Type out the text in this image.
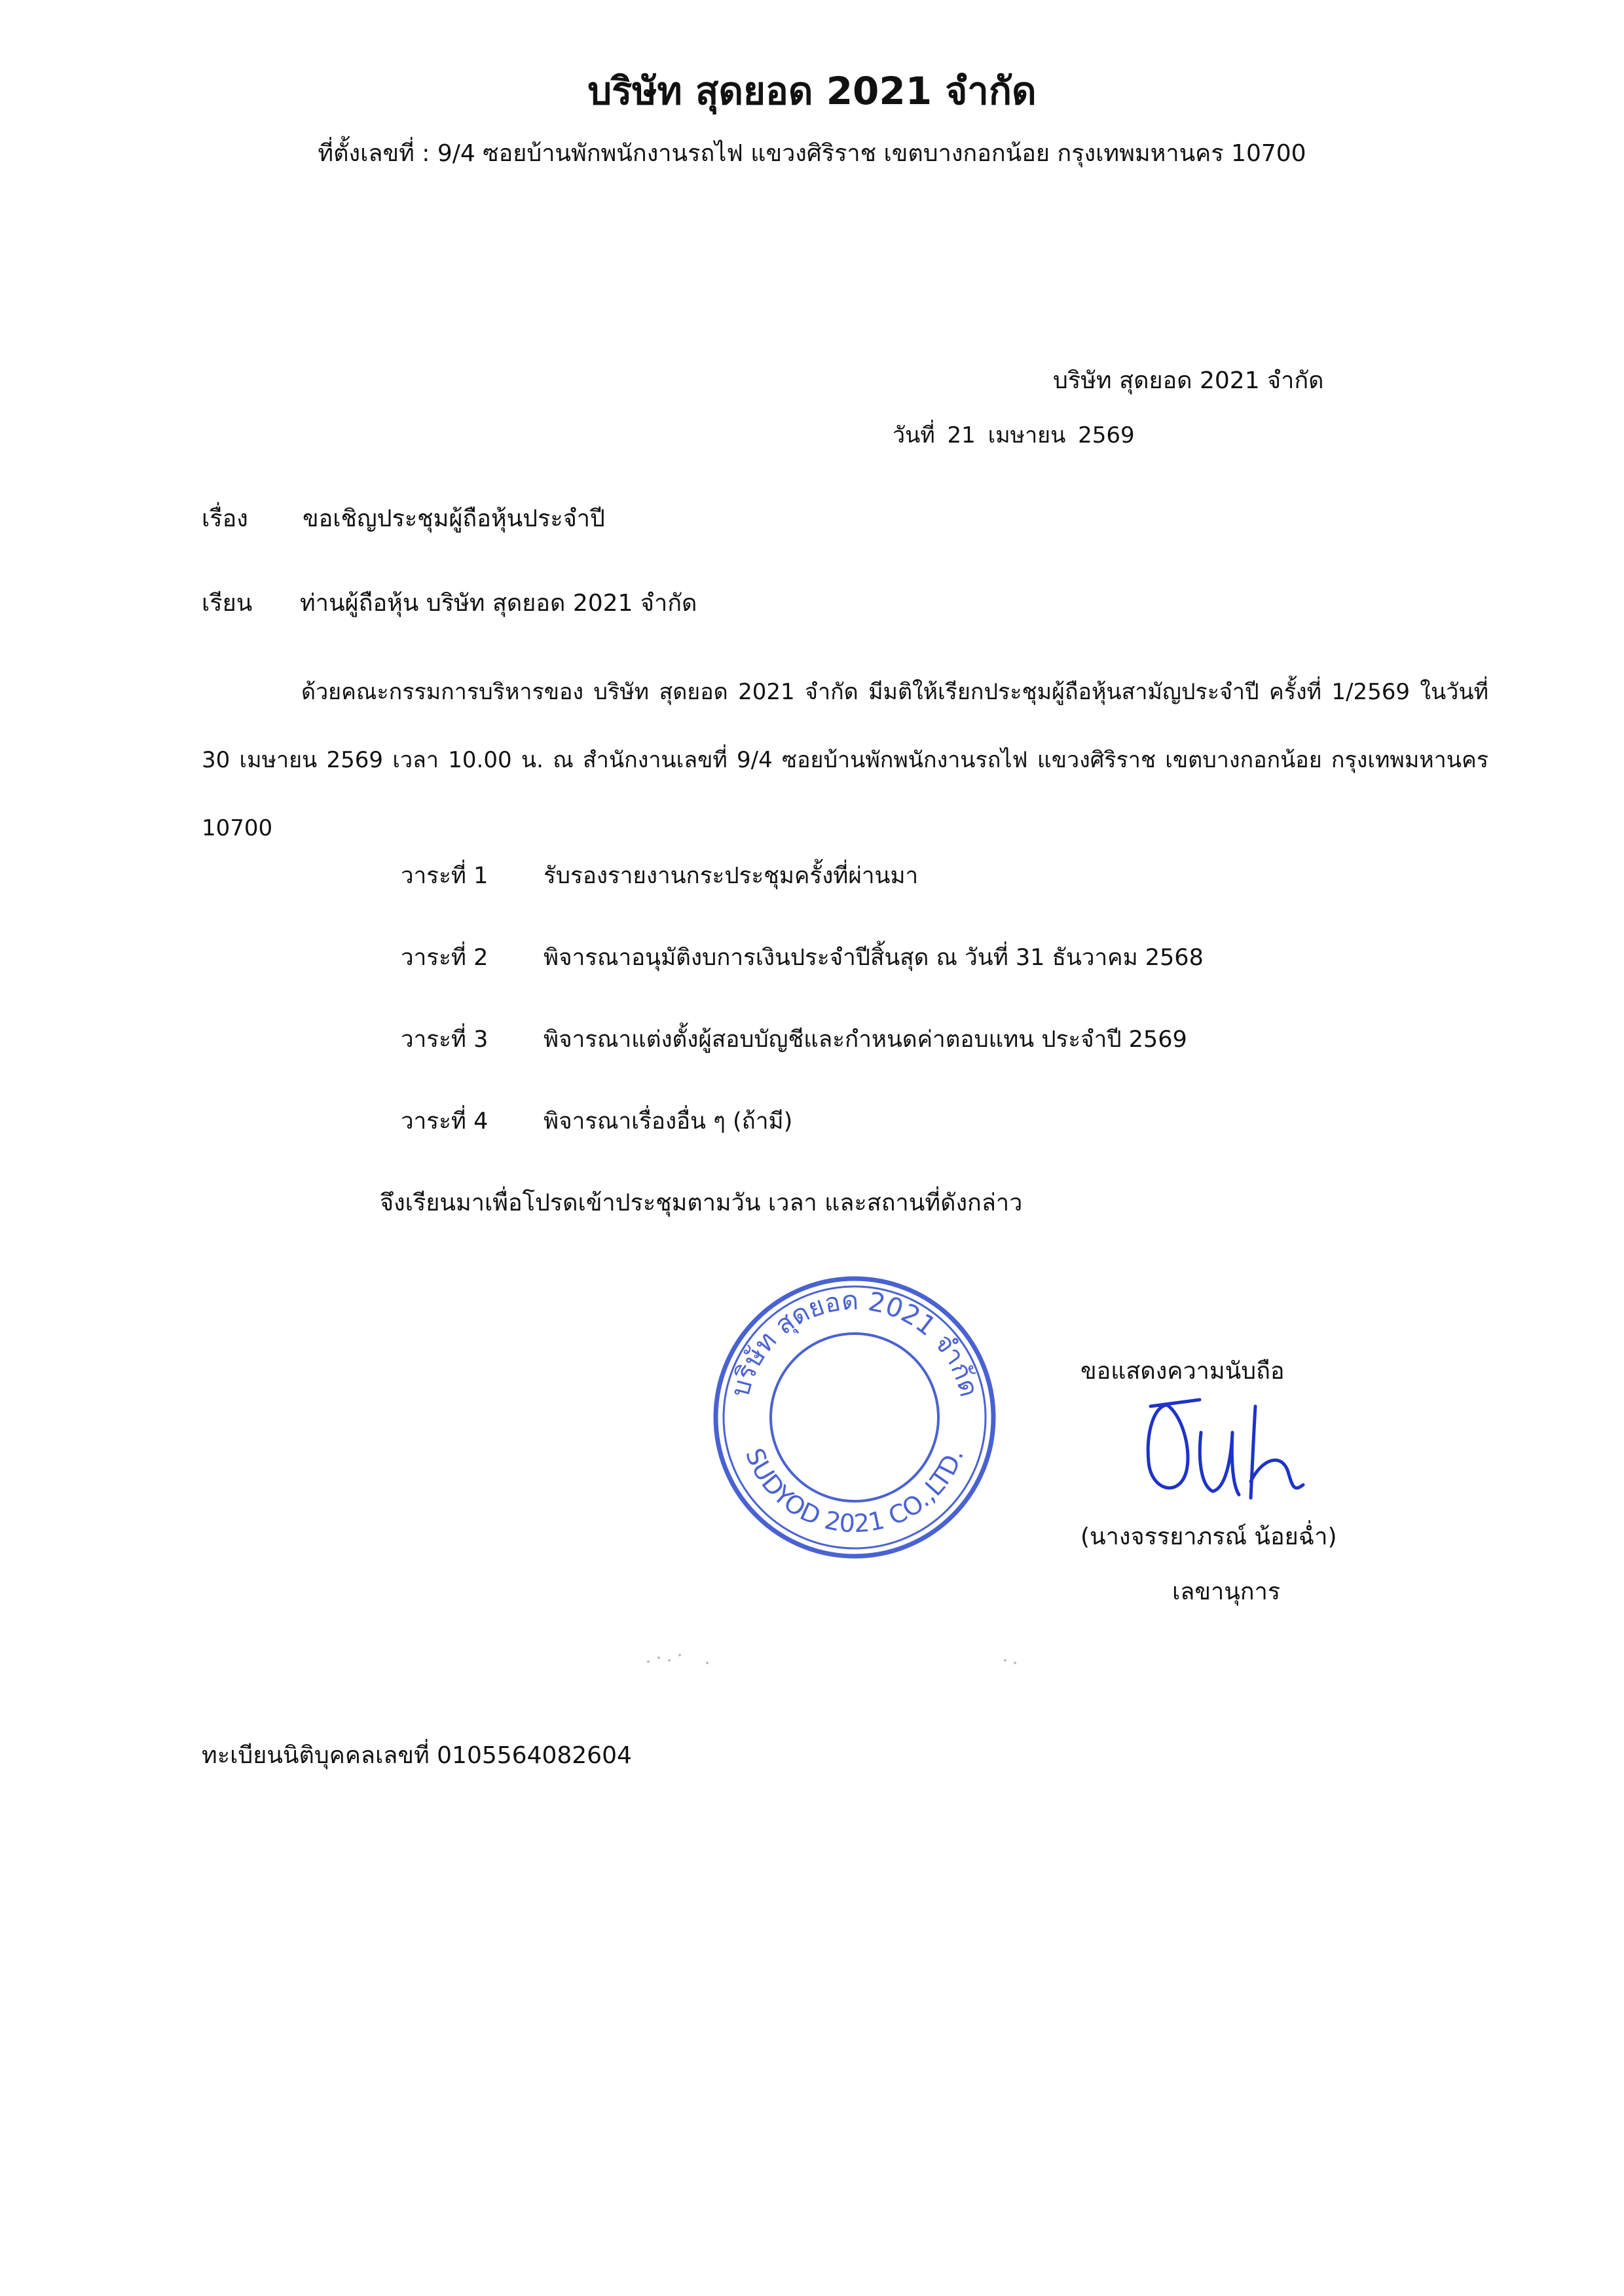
บริษัท สุดยอด 2021 จำกัด
ที่ตั้งเลขที่ : 9/4 ซอยบ้านพักพนักงานรถไฟ แขวงศิริราช เขตบางกอกน้อย กรุงเทพมหานคร 10700
บริษัท สุดยอด 2021 จำกัด
วันที่ 21 เมษายน 2569
เรื่อง ขอเชิญประชุมผู้ถือหุ้นประจำปี
เรียน ท่านผู้ถือหุ้น บริษัท สุดยอด 2021 จำกัด
ด้วยคณะกรรมการบริหารของ บริษัท สุดยอด 2021 จำกัด มีมติให้เรียกประชุมผู้ถือหุ้นสามัญประจำปี ครั้งที่ 1/2569 ในวันที่ 30 เมษายน 2569 เวลา 10.00 น. ณ สำนักงานเลขที่ 9/4 ซอยบ้านพักพนักงานรถไฟ แขวงศิริราช เขตบางกอกน้อย กรุงเทพมหานคร 10700
วาระที่ 1 รับรองรายงานกระประชุมครั้งที่ผ่านมา
วาระที่ 2 พิจารณาอนุมัติงบการเงินประจำปีสิ้นสุด ณ วันที่ 31 ธันวาคม 2568
วาระที่ 3 พิจารณาแต่งตั้งผู้สอบบัญชีและกำหนดค่าตอบแทน ประจำปี 2569
วาระที่ 4 พิจารณาเรื่องอื่น ๆ (ถ้ามี)
จึงเรียนมาเพื่อโปรดเข้าประชุมตามวัน เวลา และสถานที่ดังกล่าว
บริษัท สุดยอด 2021 จำกัด
SUDYOD 2021 CO.,LTD.
ขอแสดงความนับถือ
(นางจรรยาภรณ์ น้อยฉ่ำ)
เลขานุการ
ทะเบียนนิติบุคคลเลขที่ 0105564082604
